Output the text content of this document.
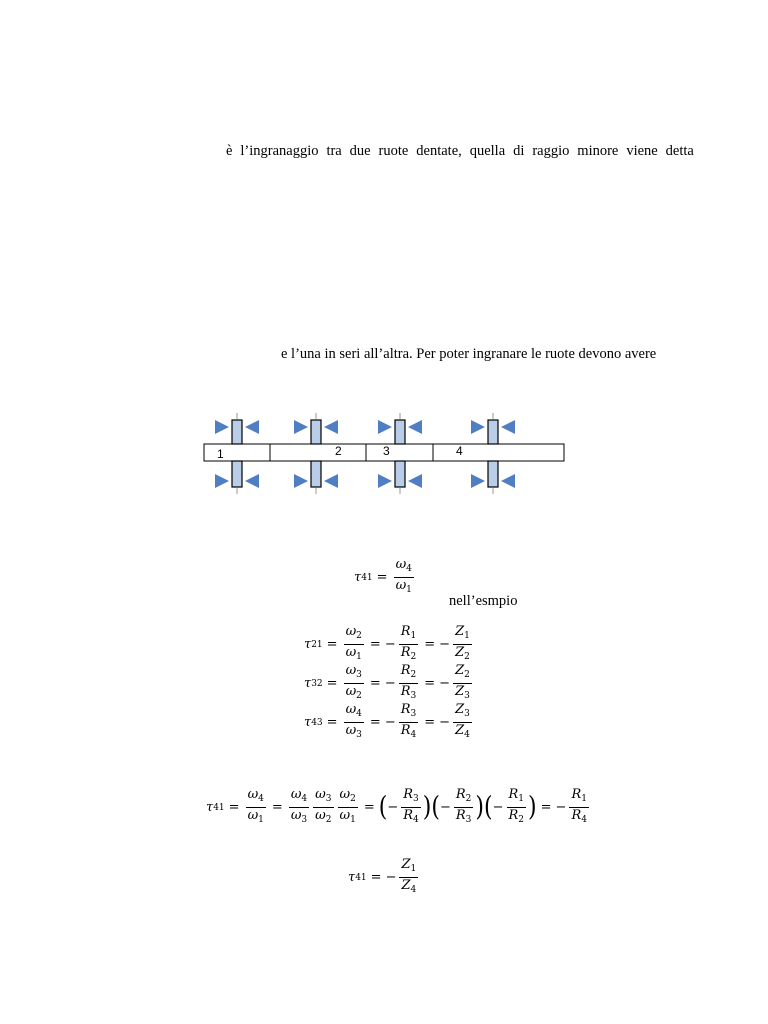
è l’ingranaggio tra due ruote dentate, quella di raggio minore viene detta
e l’una in seri all’altra. Per poter ingranare le ruote devono avere
1	2	3	4
τ $41 = \frac{\omega_4}{\omega_1}$
nell’esmpio
τ $21 = \frac{\omega_2}{\omega_1}$ = − $\frac{R_1}{R_2}$ = − $\frac{Z_1}{Z_2}$
τ $32 = \frac{\omega_3}{\omega_2}$ = − $\frac{R_2}{R_3}$ = − $\frac{Z_2}{Z_3}$
τ $43 = \frac{\omega_4}{\omega_3}$ = − $\frac{R_3}{R_4}$ = − $\frac{Z_3}{Z_4}$
τ $41 = \frac{\omega_4}{\omega_1} = \frac{\omega_4}{\omega_3} \frac{\omega_3}{\omega_2} \frac{\omega_2}{\omega_1}$ = ( − $\frac{R_3}{R_4}$ ) ( − $\frac{R_2}{R_3}$ ) ( − $\frac{R_1}{R_2}$ ) = − $\frac{R_1}{R_4}$
τ 41 = − $\frac{Z_1}{Z_4}$
